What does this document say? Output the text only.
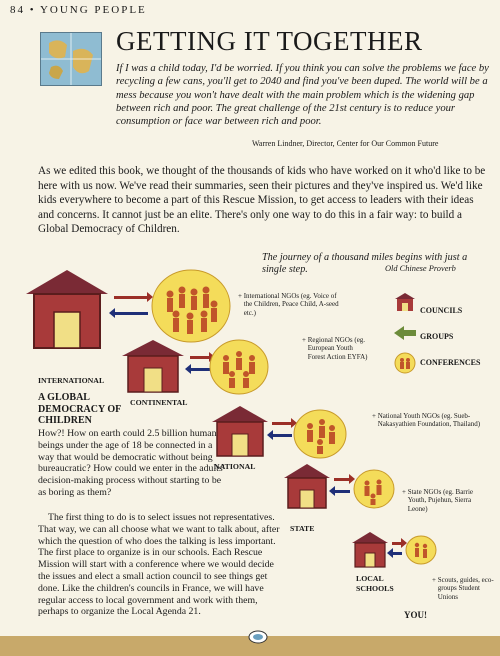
84 • YOUNG PEOPLE
GETTING IT TOGETHER
If I was a child today, I'd be worried. If you think you can solve the problems we face by recycling a few cans, you'll get to 2040 and find you've been duped. The world will be a mess because you won't have dealt with the main problem which is the widening gap between rich and poor. The great challenge of the 21st century is to reduce your consumption or face war between rich and poor.
Warren Lindner, Director, Center for Our Common Future
As we edited this book, we thought of the thousands of kids who have worked on it who'd like to be here with us now. We've read their summaries, seen their pictures and they've inspired us. We'd like kids everywhere to become a part of this Rescue Mission, to get access to leaders with their ideas and concerns. It cannot just be an elite. There's only one way to do this in a fair way: to build a Global Democracy of Children.
The journey of a thousand miles begins with just a single step.	Old Chinese Proverb
+ International NGOs (eg. Voice of the Children, Peace Child, A-seed etc.)
INTERNATIONAL
+ Regional NGOs (eg. European Youth Forest Action EYFA)
CONTINENTAL
+ National Youth NGOs (eg. Sueb-Nakasyathien Foundation, Thailand)
NATIONAL
+ State NGOs (eg. Barrie Youth, Pujehun, Sierra Leone)
STATE
LOCAL SCHOOLS
+ Scouts, guides, eco-groups Student Unions
YOU!
COUNCILS
GROUPS
CONFERENCES
A GLOBAL DEMOCRACY OF CHILDREN
How?! How on earth could 2.5 billion human beings under the age of 18 be connected in a way that would be democratic without being bureaucratic? How could we enter in the adults' decision-making process without starting to be as boring as them?
The first thing to do is to select issues not representatives. That way, we can all choose what we want to talk about, after which the question of who does the talking is less important. The first place to organize is in our schools. Each Rescue Mission will start with a conference where we would decide the issues and elect a small action council to see things get done. Like the children's councils in France, we will have regular access to local government and work with them, perhaps to organize the Local Agenda 21.
